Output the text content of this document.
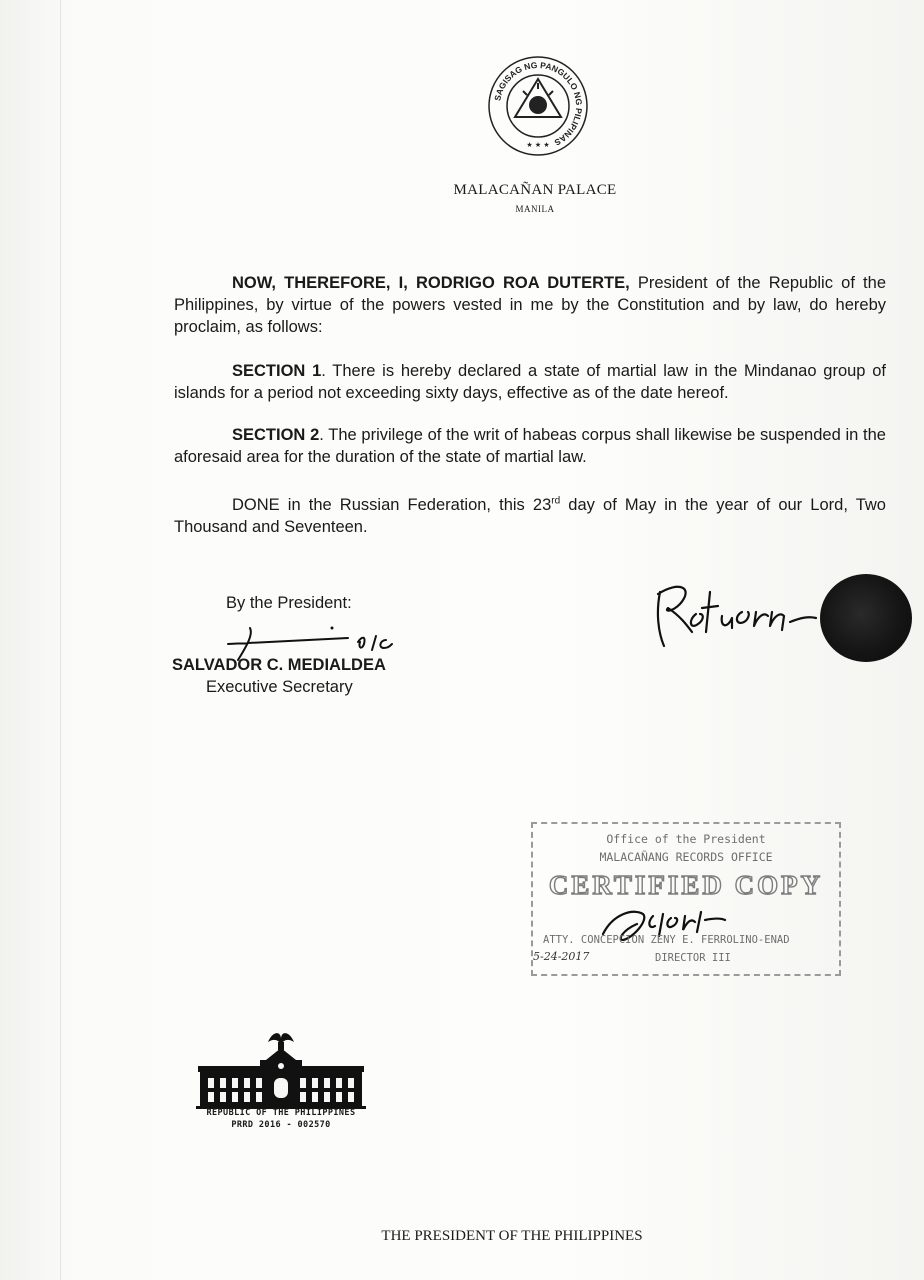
SAGISAG NG PANGULO NG PILIPINAS
★ ★ ★
MALACAÑAN PALACE
MANILA
NOW, THEREFORE, I, RODRIGO ROA DUTERTE, President of the Republic of the Philippines, by virtue of the powers vested in me by the Constitution and by law, do hereby proclaim, as follows:
SECTION 1. There is hereby declared a state of martial law in the Mindanao group of islands for a period not exceeding sixty days, effective as of the date hereof.
SECTION 2. The privilege of the writ of habeas corpus shall likewise be suspended in the aforesaid area for the duration of the state of martial law.
DONE in the Russian Federation, this 23rd day of May in the year of our Lord, Two Thousand and Seventeen.
By the President:
SALVADOR C. MEDIALDEA
Executive Secretary
Office of the President
MALACAÑANG RECORDS OFFICE
CERTIFIED COPY
ATTY. CONCEPCION ZENY E. FERROLINO-ENAD
DIRECTOR III
5-24-2017
REPUBLIC OF THE PHILIPPINES
PRRD 2016 - 002570
THE PRESIDENT OF THE PHILIPPINES
